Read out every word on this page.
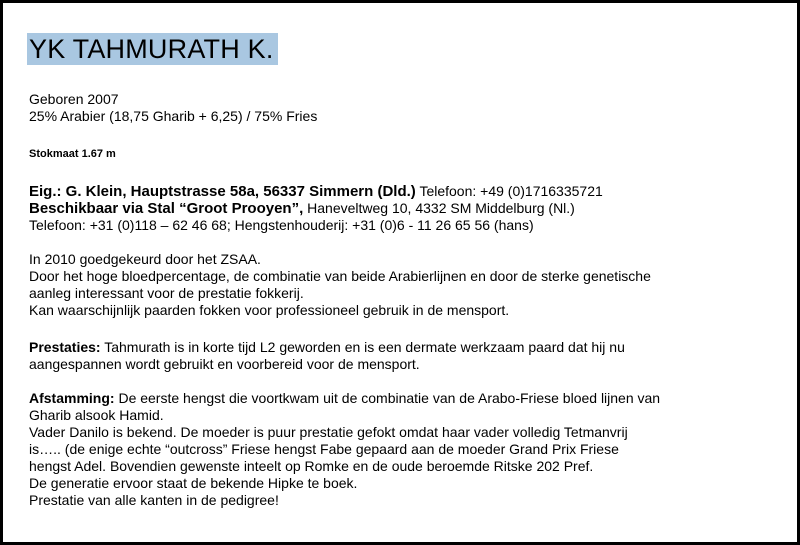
YK TAHMURATH K.
Geboren 2007
25% Arabier (18,75 Gharib + 6,25) / 75% Fries
Stokmaat 1.67 m
Eig.: G. Klein, Hauptstrasse 58a, 56337 Simmern (Dld.) Telefoon: +49 (0)1716335721
Beschikbaar via Stal “Groot Prooyen”, Haneveltweg 10, 4332 SM Middelburg (Nl.)
Telefoon: +31 (0)118 – 62 46 68; Hengstenhouderij: +31 (0)6 - 11 26 65 56 (hans)
In 2010 goedgekeurd door het ZSAA.
Door het hoge bloedpercentage, de combinatie van beide Arabierlijnen en door de sterke genetische
aanleg interessant voor de prestatie fokkerij.
Kan waarschijnlijk paarden fokken voor professioneel gebruik in de mensport.
Prestaties: Tahmurath is in korte tijd L2 geworden en is een dermate werkzaam paard dat hij nu
aangespannen wordt gebruikt en voorbereid voor de mensport.
Afstamming: De eerste hengst die voortkwam uit de combinatie van de Arabo-Friese bloed lijnen van
Gharib alsook Hamid.
Vader Danilo is bekend. De moeder is puur prestatie gefokt omdat haar vader volledig Tetmanvrij
is….. (de enige echte “outcross” Friese hengst Fabe gepaard aan de moeder Grand Prix Friese
hengst Adel. Bovendien gewenste inteelt op Romke en de oude beroemde Ritske 202 Pref.
De generatie ervoor staat de bekende Hipke te boek.
Prestatie van alle kanten in de pedigree!
